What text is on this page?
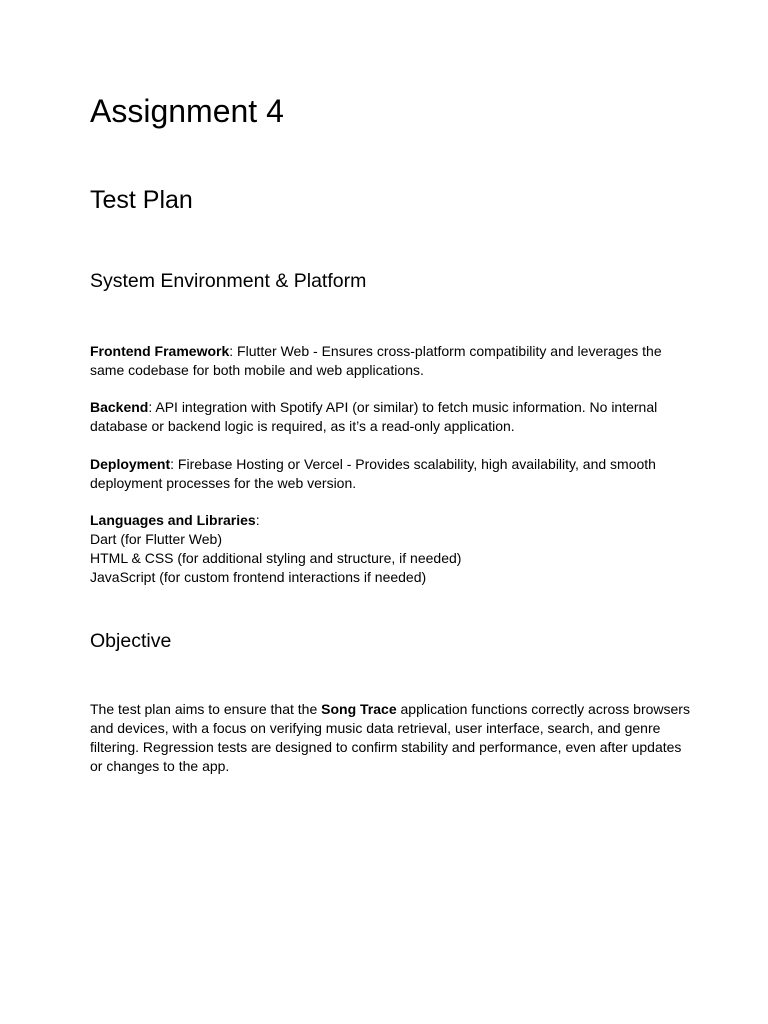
Assignment 4
Test Plan
System Environment & Platform

Frontend Framework: Flutter Web - Ensures cross-platform compatibility and leverages the same codebase for both mobile and web applications.

Backend: API integration with Spotify API (or similar) to fetch music information. No internal database or backend logic is required, as it’s a read-only application.

Deployment: Firebase Hosting or Vercel - Provides scalability, high availability, and smooth deployment processes for the web version.

Languages and Libraries:
Dart (for Flutter Web)
HTML & CSS (for additional styling and structure, if needed)
JavaScript (for custom frontend interactions if needed)
Objective

The test plan aims to ensure that the Song Trace application functions correctly across browsers and devices, with a focus on verifying music data retrieval, user interface, search, and genre filtering. Regression tests are designed to confirm stability and performance, even after updates or changes to the app.
